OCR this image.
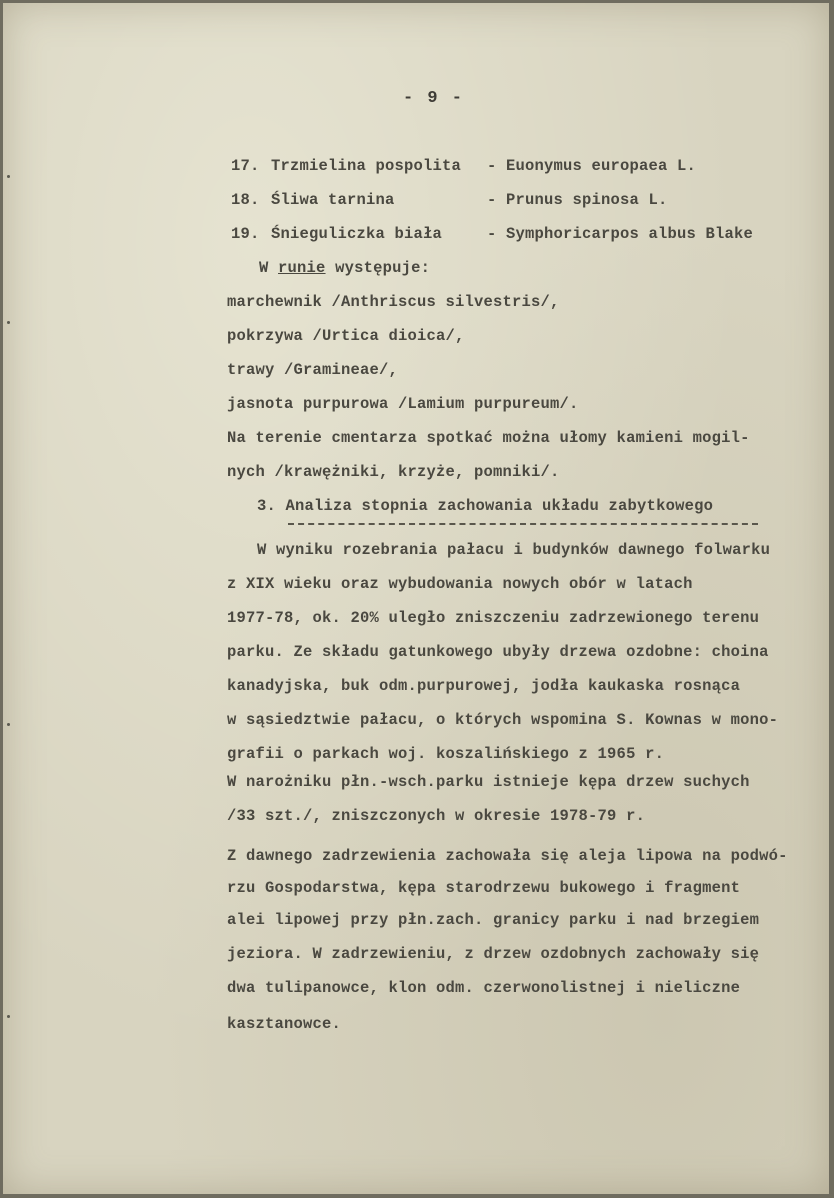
- 9 -
17. Trzmielina pospolita - Euonymus europaea L.
18. Śliwa tarnina	- Prunus spinosa L.
19. Śnieguliczka biała	- Symphoricarpos albus Blake
W runie występuje:
marchewnik /Anthriscus silvestris/,
pokrzywa /Urtica dioica/,
trawy /Gramineae/,
jasnota purpurowa /Lamium purpureum/.
Na terenie cmentarza spotkać można ułomy kamieni mogil-
nych /krawężniki, krzyże, pomniki/.
3. Analiza stopnia zachowania układu zabytkowego
W wyniku rozebrania pałacu i budynków dawnego folwarku
z XIX wieku oraz wybudowania nowych obór w latach
1977-78, ok. 20% uległo zniszczeniu zadrzewionego terenu
parku. Ze składu gatunkowego ubyły drzewa ozdobne: choina
kanadyjska, buk odm.purpurowej, jodła kaukaska rosnąca
w sąsiedztwie pałacu, o których wspomina S. Kownas w mono-
grafii o parkach woj. koszalińskiego z 1965 r.
W narożniku płn.-wsch.parku istnieje kępa drzew suchych
/33 szt./, zniszczonych w okresie 1978-79 r.
Z dawnego zadrzewienia zachowała się aleja lipowa na podwó-
rzu Gospodarstwa, kępa starodrzewu bukowego i fragment
alei lipowej przy płn.zach. granicy parku i nad brzegiem
jeziora. W zadrzewieniu, z drzew ozdobnych zachowały się
dwa tulipanowce, klon odm. czerwonolistnej i nieliczne
kasztanowce.
